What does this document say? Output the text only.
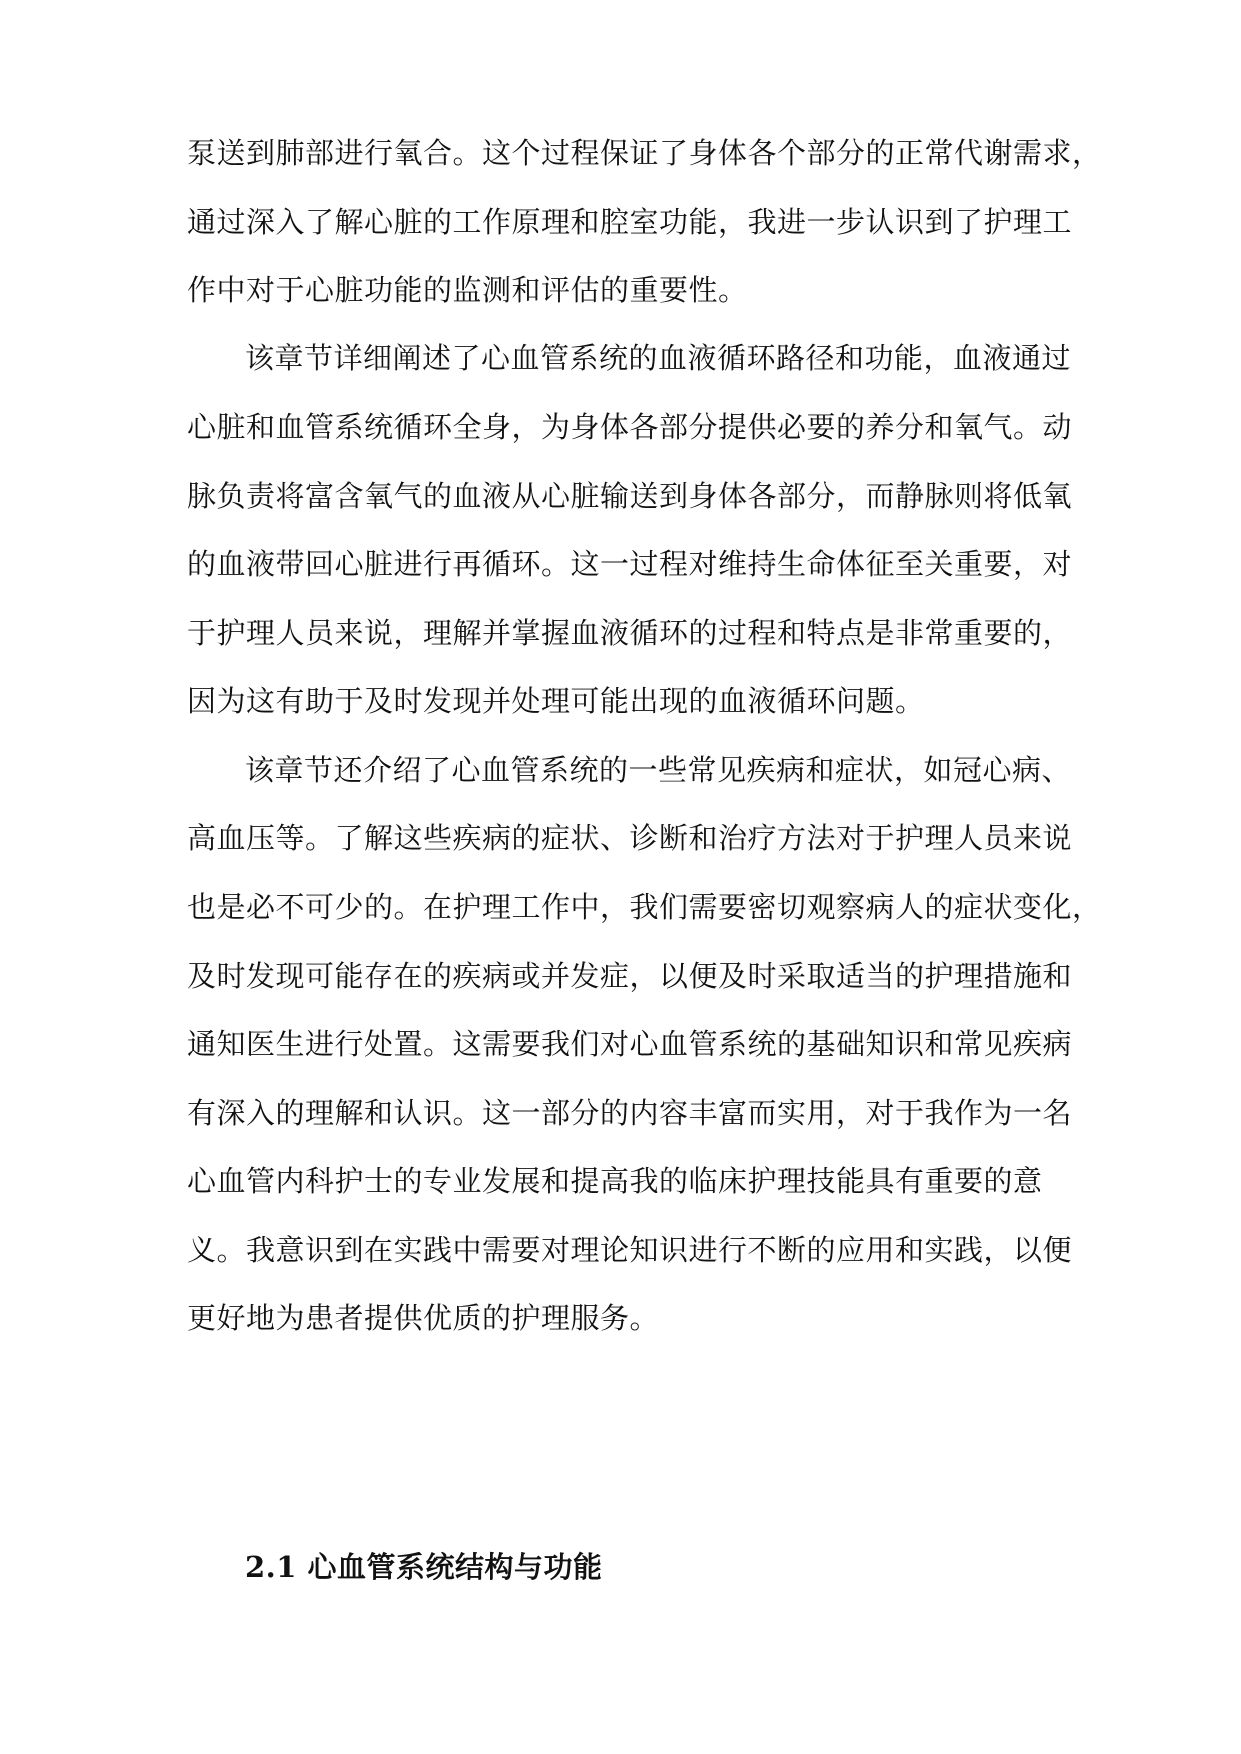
泵送到肺部进行氧合。这个过程保证了身体各个部分的正常代谢需求，
通过深入了解心脏的工作原理和腔室功能，我进一步认识到了护理工
作中对于心脏功能的监测和评估的重要性。
该章节详细阐述了心血管系统的血液循环路径和功能，血液通过
心脏和血管系统循环全身，为身体各部分提供必要的养分和氧气。动
脉负责将富含氧气的血液从心脏输送到身体各部分，而静脉则将低氧
的血液带回心脏进行再循环。这一过程对维持生命体征至关重要，对
于护理人员来说，理解并掌握血液循环的过程和特点是非常重要的，
因为这有助于及时发现并处理可能出现的血液循环问题。
该章节还介绍了心血管系统的一些常见疾病和症状，如冠心病、
高血压等。了解这些疾病的症状、诊断和治疗方法对于护理人员来说
也是必不可少的。在护理工作中，我们需要密切观察病人的症状变化，
及时发现可能存在的疾病或并发症，以便及时采取适当的护理措施和
通知医生进行处置。这需要我们对心血管系统的基础知识和常见疾病
有深入的理解和认识。这一部分的内容丰富而实用，对于我作为一名
心血管内科护士的专业发展和提高我的临床护理技能具有重要的意
义。我意识到在实践中需要对理论知识进行不断的应用和实践，以便
更好地为患者提供优质的护理服务。
2.1 心血管系统结构与功能
